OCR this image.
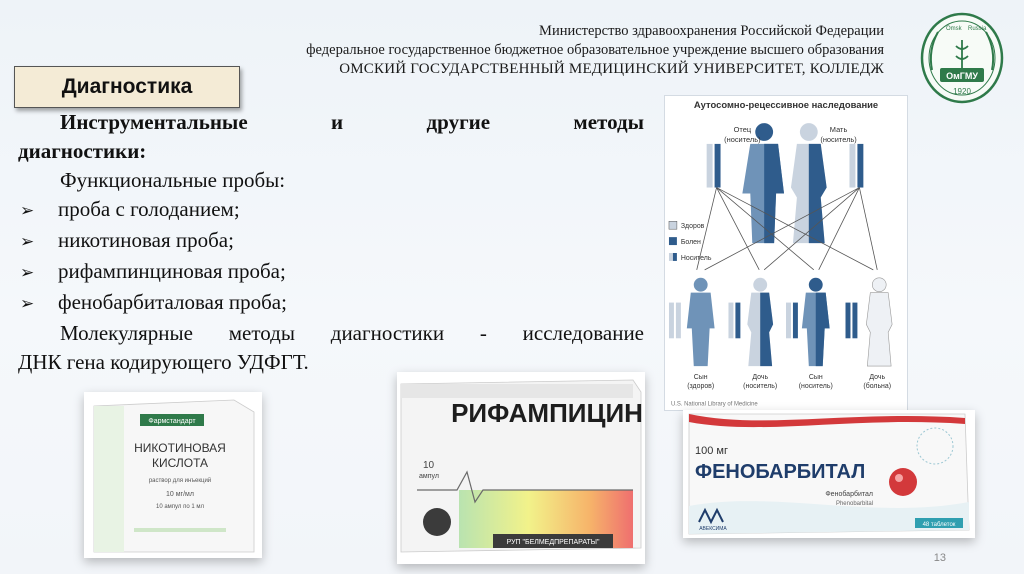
Министерство здравоохранения Российской Федерации
федеральное государственное бюджетное образовательное учреждение высшего образования
ОМСКИЙ ГОСУДАРСТВЕННЫЙ МЕДИЦИНСКИЙ УНИВЕРСИТЕТ, КОЛЛЕДЖ
Omsk Russia
ОмГМУ
1920
Диагностика
Инструментальные и другие методы
диагностики:
Функциональные пробы:
➢	проба с голоданием;
➢	никотиновая проба;
➢	рифампинциновая проба;
➢	фенобарбиталовая проба;
Молекулярные методы диагностики - исследование
ДНК гена кодирующего УДФГТ.
Аутосомно-рецессивное наследование
Отец
(носитель)
Мать
(носитель)
Здоров
Болен
Носитель
Сын
(здоров)
Дочь
(носитель)
Сын
(носитель)
Дочь
(больна)
U.S. National Library of Medicine
Фармстандарт
НИКОТИНОВАЯ
КИСЛОТА
раствор для инъекций
10 мг/мл
10 ампул по 1 мл
РИФАМПИЦИН
10
ампул
РУП "БЕЛМЕДПРЕПАРАТЫ"
100 мг
ФЕНОБАРБИТАЛ
Фенобарбитал
Phenobarbital
АВЕКСИМА
48 таблеток
13
